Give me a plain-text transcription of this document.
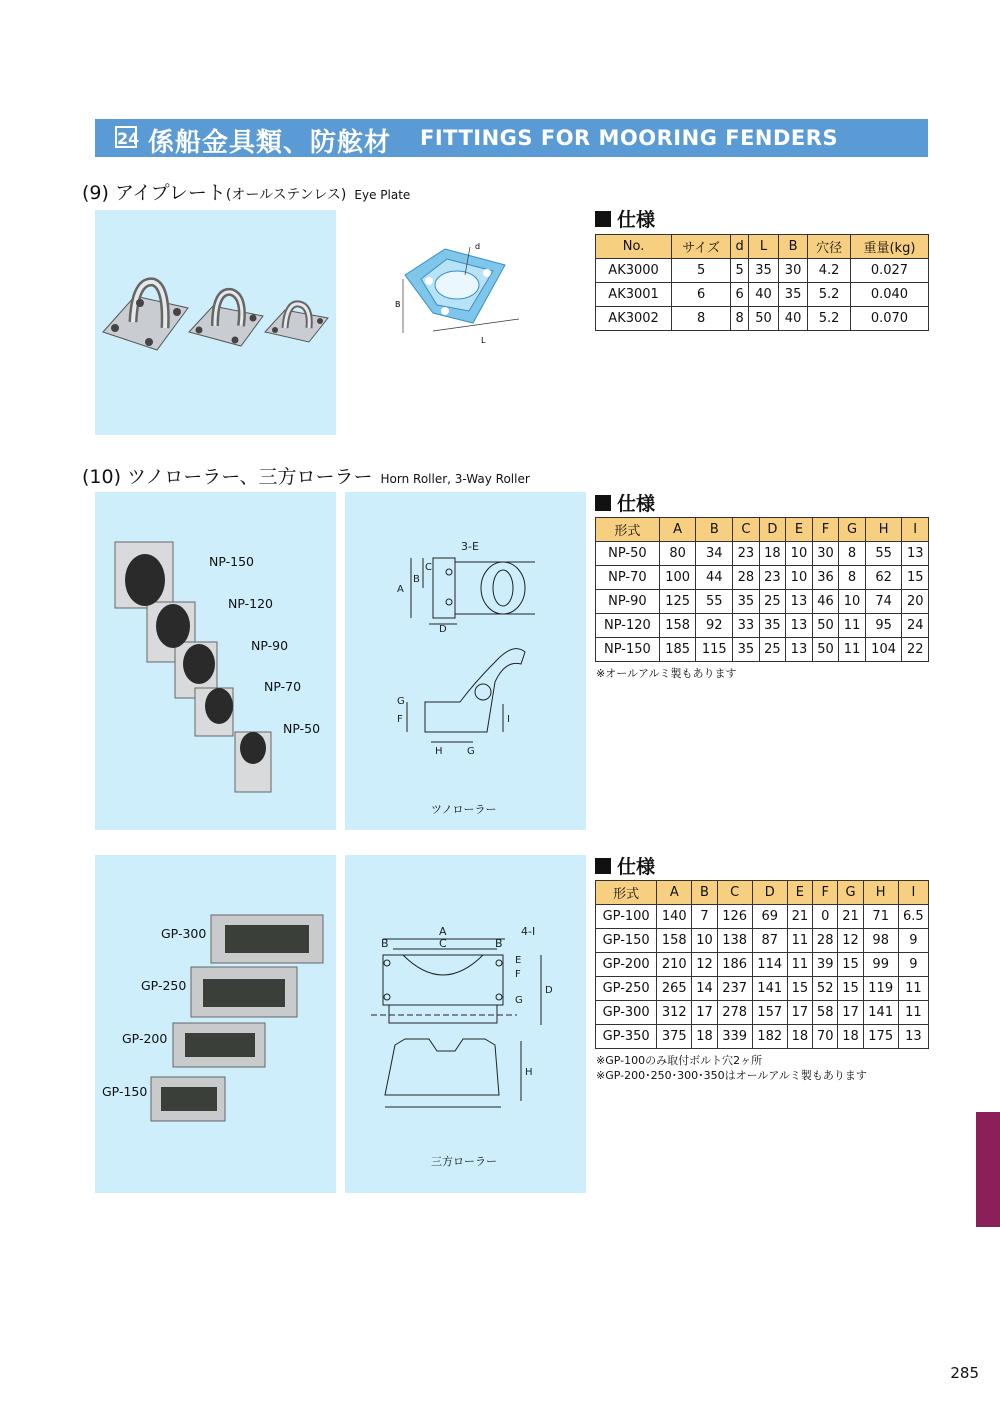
24 係船金具類、防舷材 FITTINGS FOR MOORING FENDERS
(9) アイプレート(オールステンレス) Eye Plate
d
B
L
仕様
No.	サイズ	d	L	B	穴径	重量(kg)
AK3000	5	5	35	30	4.2	0.027
AK3001	6	6	40	35	5.2	0.040
AK3002	8	8	50	40	5.2	0.070
(10) ツノローラー、三方ローラー Horn Roller, 3-Way Roller
NP-150
NP-120
NP-90
NP-70
NP-50
3-E
A
B
C
D
F
G
H G
I
ツノローラー
仕様
形式	A	B	C	D	E	F	G	H	I
NP-50	80	34	23	18	10	30	8	55	13
NP-70	100	44	28	23	10	36	8	62	15
NP-90	125	55	35	25	13	46	10	74	20
NP-120	158	92	33	35	13	50	11	95	24
NP-150	185	115	35	25	13	50	11	104	22
※オールアルミ製もあります
GP-300
GP-250
GP-200
GP-150
A
B	C	B
4-I
E
F
G
D
H
三方ローラー
仕様
形式	A	B	C	D	E	F	G	H	I
GP-100	140	7	126	69	21	0	21	71	6.5
GP-150	158	10	138	87	11	28	12	98	9
GP-200	210	12	186	114	11	39	15	99	9
GP-250	265	14	237	141	15	52	15	119	11
GP-300	312	17	278	157	17	58	17	141	11
GP-350	375	18	339	182	18	70	18	175	13
※GP-100のみ取付ボルト穴2ヶ所
※GP-200･250･300･350はオールアルミ製もあります
285
